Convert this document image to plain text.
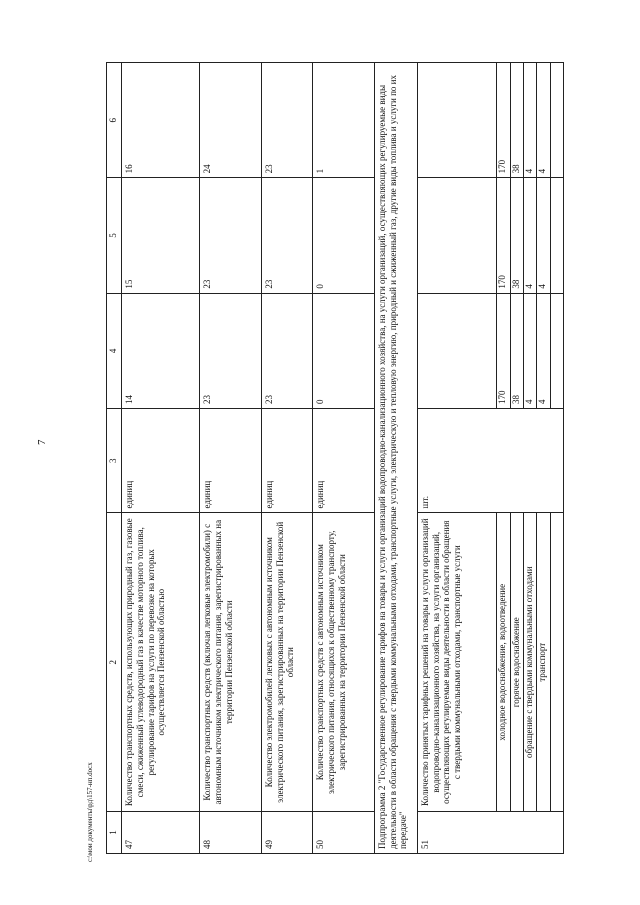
7
1	2	3	4	5	6
47	Количество транспортных средств, использующих природный газ, газовые смеси, сжиженный углеводородный газ в качестве моторного топлива, регулирование тарифов на услуги по перевозке на которых осуществляется Пензенской областью	единиц	14	15	16
48	Количество транспортных средств (включая легковые электромобили) с автономным источником электрического питания, зарегистрированных на территории Пензенской области	единиц	23	23	24
49	Количество электромобилей легковых с автономным источником электрического питания, зарегистрированных на территории Пензенской области	единиц	23	23	23
50	Количество транспортных средств с автономным источником электрического питания, относящихся к общественному транспорту, зарегистрированных на территории Пензенской области	единиц	0	0	1
Подпрограмма 2 "Государственное регулирование тарифов на товары и услуги организаций водопроводно-канализационного хозяйства, на услуги организаций, осуществляющих регулируемые виды деятельности в области обращения с твердыми коммунальными отходами, транспортные услуги, электрическую и тепловую энергию, природный и сжиженный газ, другие виды топлива и услуги по их передаче"					
51	Количество принятых тарифных решений на товары и услуги организаций водопроводно-канализационного хозяйства, на услуги организаций, осуществляющих регулируемые виды деятельности в области обращения с твердыми коммунальными отходами, транспортные услуги	шт.			
	холодное водоснабжение, водоотведение		170	170	170
	горячее водоснабжение		38	38	38
	обращение с твердыми коммунальными отходами		4	4	4
	транспорт		4	4	4

c:\мои документы\рд\157-нп.docx
